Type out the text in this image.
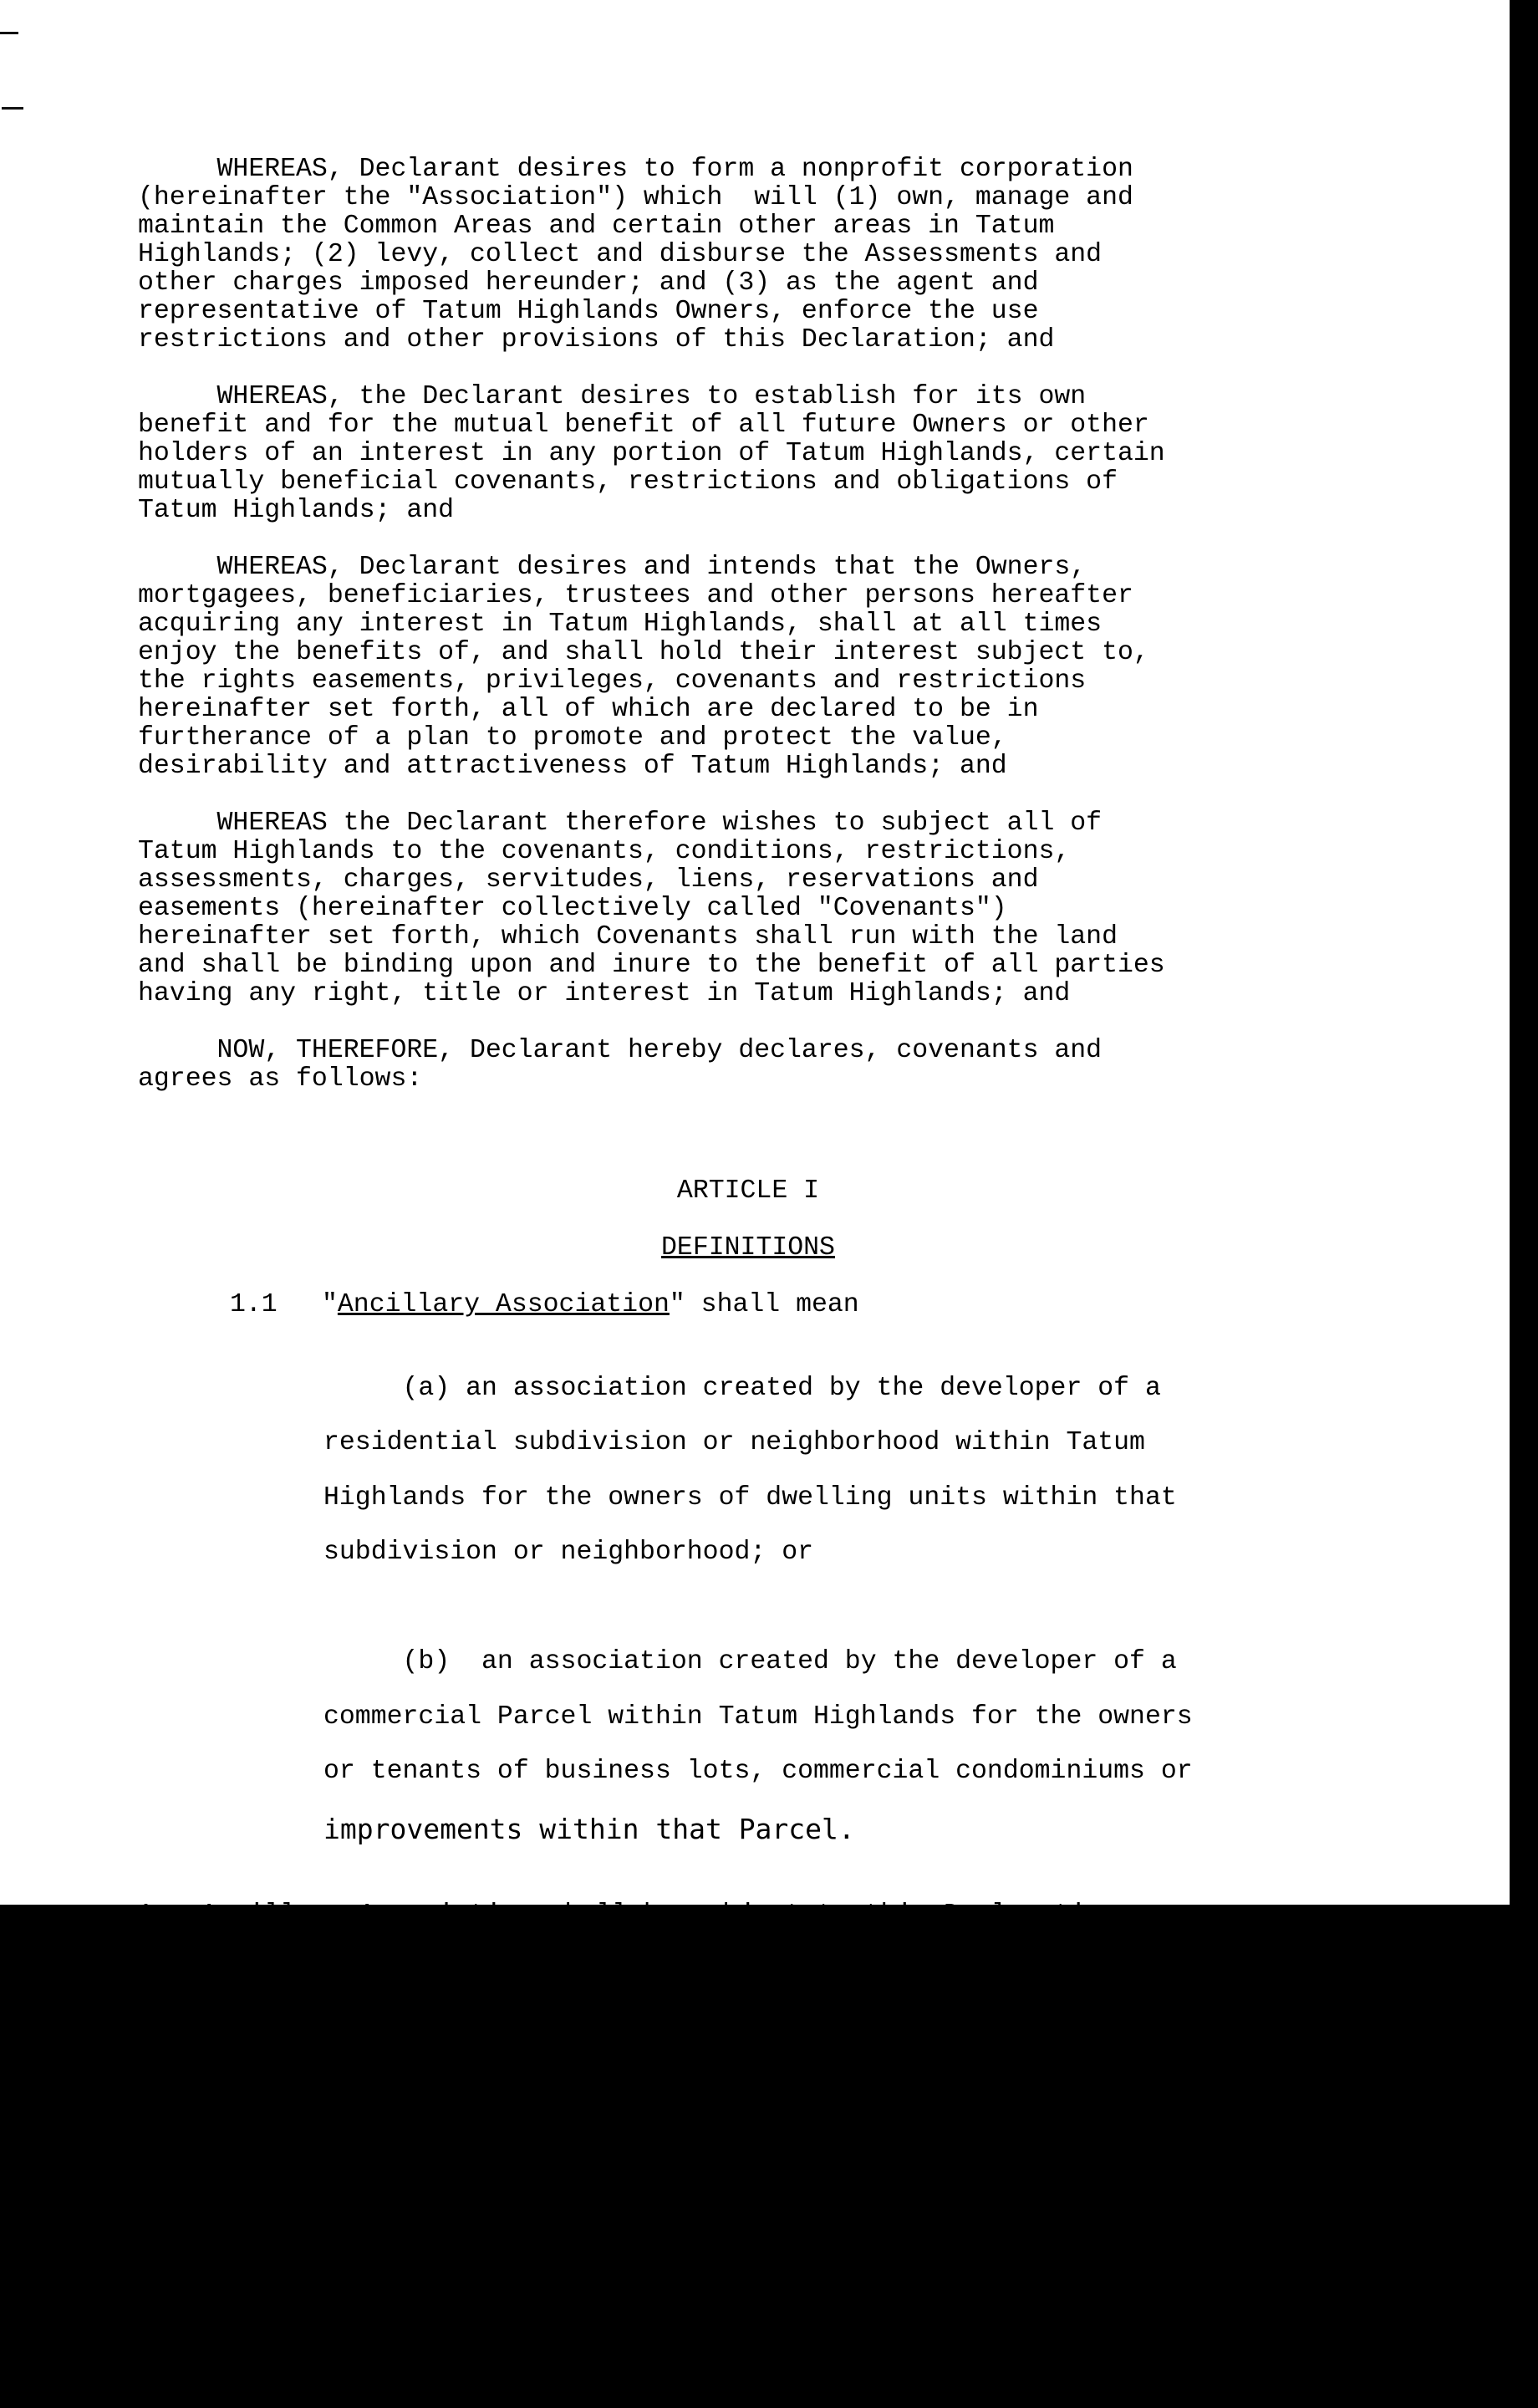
WHEREAS, Declarant desires to form a nonprofit corporation

(hereinafter the "Association") which  will (1) own, manage and

maintain the Common Areas and certain other areas in Tatum

Highlands; (2) levy, collect and disburse the Assessments and

other charges imposed hereunder; and (3) as the agent and

representative of Tatum Highlands Owners, enforce the use

restrictions and other provisions of this Declaration; and

WHEREAS, the Declarant desires to establish for its own

benefit and for the mutual benefit of all future Owners or other

holders of an interest in any portion of Tatum Highlands, certain

mutually beneficial covenants, restrictions and obligations of

Tatum Highlands; and

WHEREAS, Declarant desires and intends that the Owners,

mortgagees, beneficiaries, trustees and other persons hereafter

acquiring any interest in Tatum Highlands, shall at all times

enjoy the benefits of, and shall hold their interest subject to,

the rights easements, privileges, covenants and restrictions

hereinafter set forth, all of which are declared to be in

furtherance of a plan to promote and protect the value,

desirability and attractiveness of Tatum Highlands; and

WHEREAS the Declarant therefore wishes to subject all of

Tatum Highlands to the covenants, conditions, restrictions,

assessments, charges, servitudes, liens, reservations and

easements (hereinafter collectively called "Covenants")

hereinafter set forth, which Covenants shall run with the land

and shall be binding upon and inure to the benefit of all parties

having any right, title or interest in Tatum Highlands; and

NOW, THEREFORE, Declarant hereby declares, covenants and

agrees as follows:

ARTICLE I

DEFINITIONS

1.1 "Ancillary Association" shall mean

(a) an association created by the developer of a

residential subdivision or neighborhood within Tatum

Highlands for the owners of dwelling units within that

subdivision or neighborhood; or

(b)  an association created by the developer of a

commercial Parcel within Tatum Highlands for the owners

or tenants of business lots, commercial condominiums or

improvements within that Parcel.

Any Ancillary Association shall be subject to this Declaration

and the Association provided for herein.
